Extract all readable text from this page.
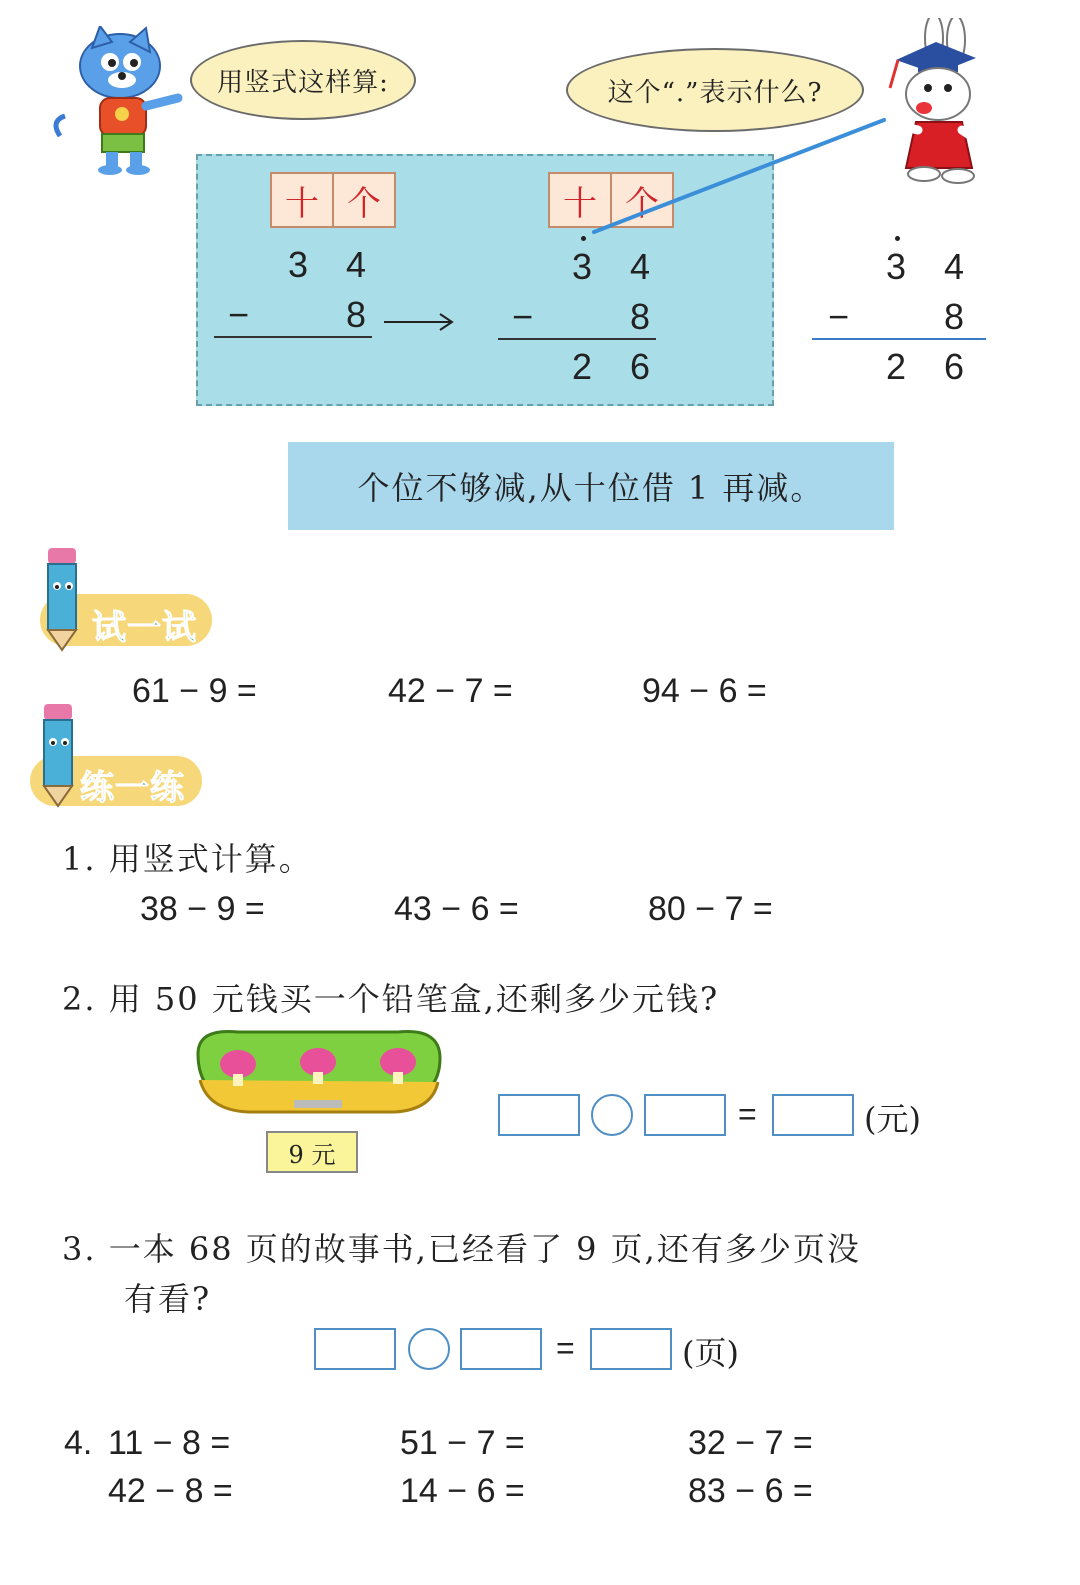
用竖式这样算:	这个“.”表示什么?
十 个
3 4
−	8
十 个
3 4
−	8
2 6
3 4
−	8
2 6
个位不够减,从十位借 1 再减。
试一试
61 − 9 =	42 − 7 =	94 − 6 =
练一练
1. 用竖式计算。
38 − 9 =	43 − 6 =	80 − 7 =
2. 用 50 元钱买一个铅笔盒,还剩多少元钱?
9 元
=	(元)
3. 一本 68 页的故事书,已经看了 9 页,还有多少页没
有看?
=	(页)
4. 11 − 8 =	51 − 7 =	32 − 7 =
42 − 8 =	14 − 6 =	83 − 6 =
